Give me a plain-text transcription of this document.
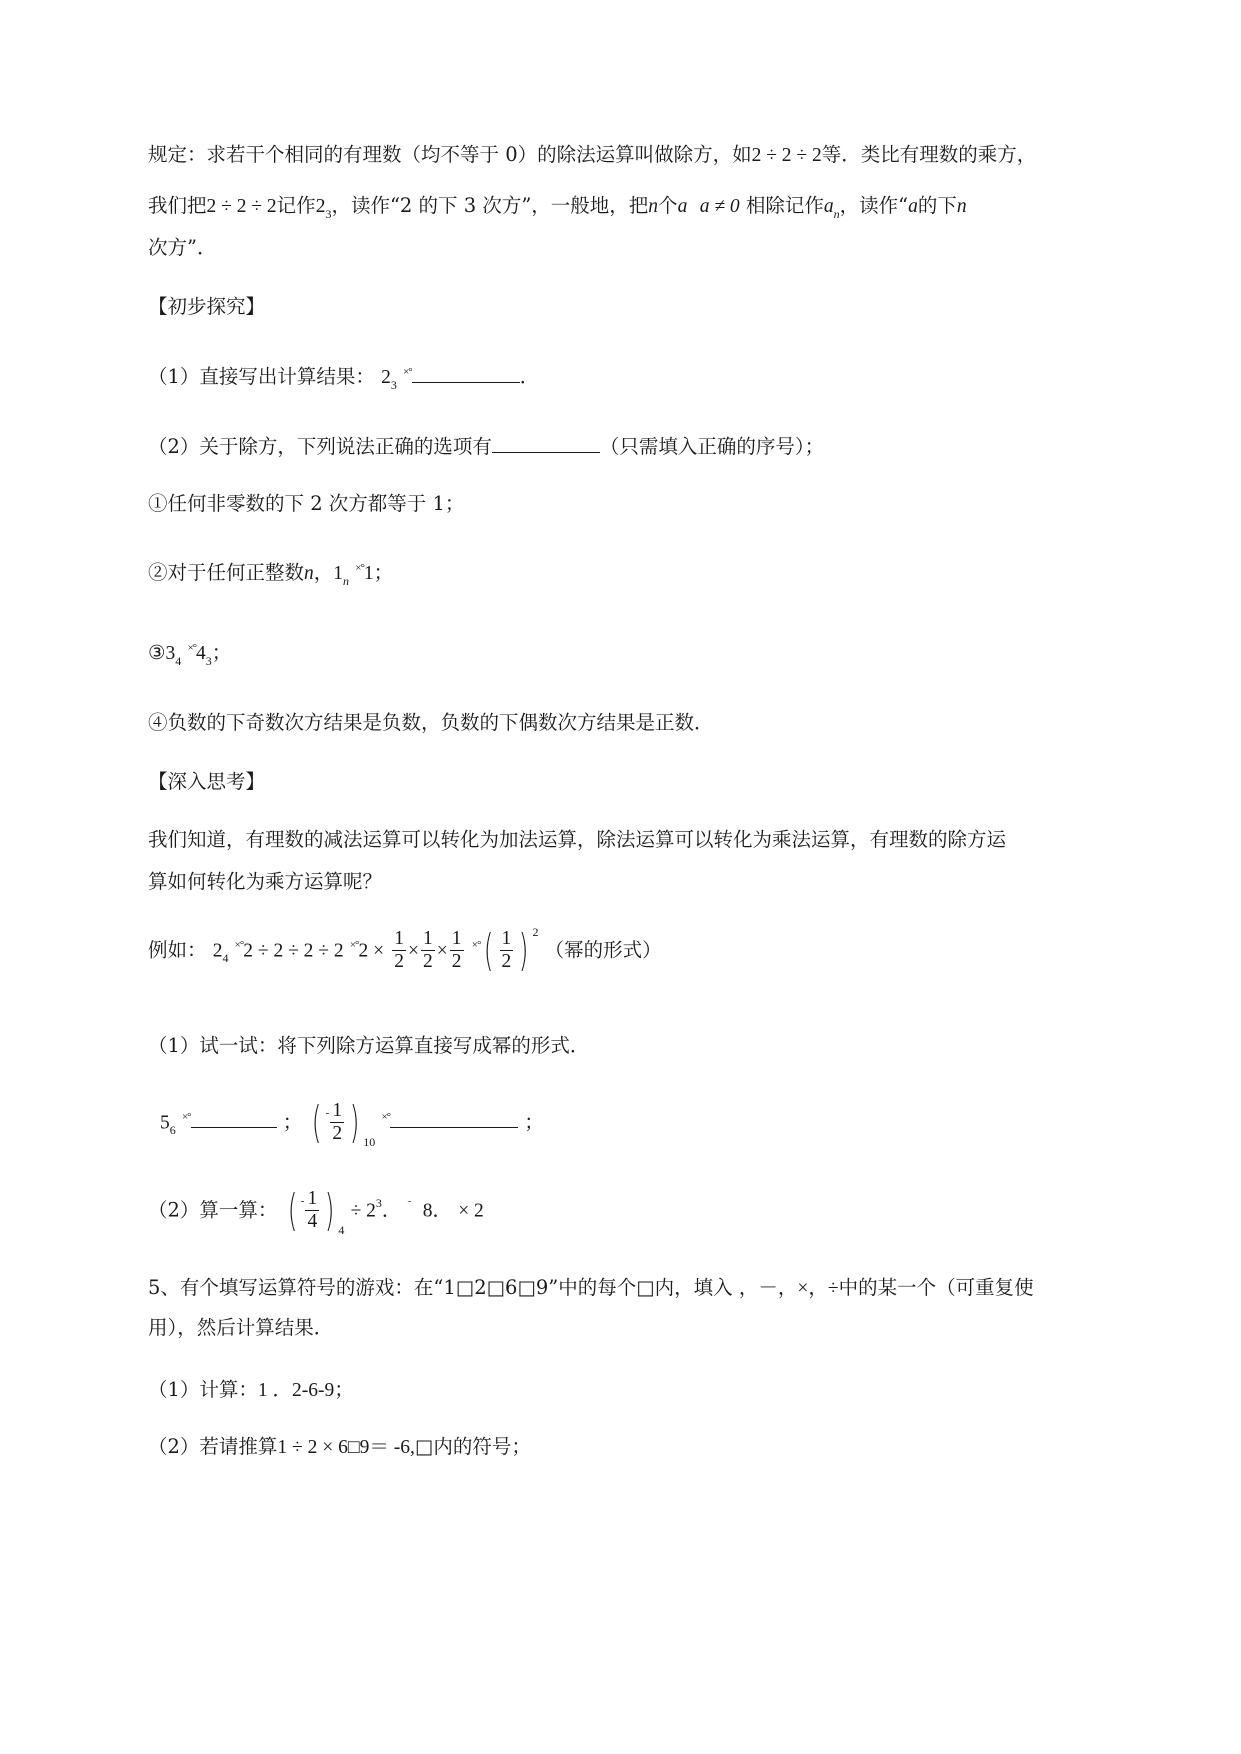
规定：求若干个相同的有理数（均不等于 0）的除法运算叫做除方，如2 ÷ 2 ÷ 2等．类比有理数的乘方，
我们把2 ÷ 2 ÷ 2记作$2_3$，读作“2 的下 3 次方”，一般地，把n个a a ≠ 0 相除记作$a_n$，读作“a的下n
次方”．
【初步探究】
（1）直接写出计算结果： $2_3$ ×°	．
（2）关于除方，下列说法正确的选项有	（只需填入正确的序号）；
①任何非零数的下 2 次方都等于 1；
②对于任何正整数n，$1_n$ ×°1；
$③3_4$ $^{\times^\circ}4_3$；
④负数的下奇数次方结果是负数，负数的下偶数次方结果是正数．
【深入思考】
我们知道，有理数的减法运算可以转化为加法运算，除法运算可以转化为乘法运算，有理数的除方运
算如何转化为乘方运算呢？
例如： $2_4$ ×°2 ÷ 2 ÷ 2 ÷ 2 $^{\times^\circ}2 \times \frac{1}{2} \times \frac{1}{2} \times \frac{1}{2} ^{\times^\circ}( \frac{1}{2}$ ) $^2$ （幂的形式）
（1）试一试：将下列除方运算直接写成幂的形式．
$5_6$ ×°	； ( $^- \frac{1}{2}$ ) $_{10}$ ×°	；
（2）算一算： ( $^- \frac{1}{4}$ ) $_4 \div 2^3$． ˜ 8． × 2
5、有个填写运算符号的游戏：在“1□2□6□9”中的每个□内，填入 ，－，×，÷中的某一个（可重复使
用），然后计算结果．
（1）计算：1 ．2-6-9；
（2）若请推算1 ÷ 2 × 6□9＝ -6,□内的符号；
